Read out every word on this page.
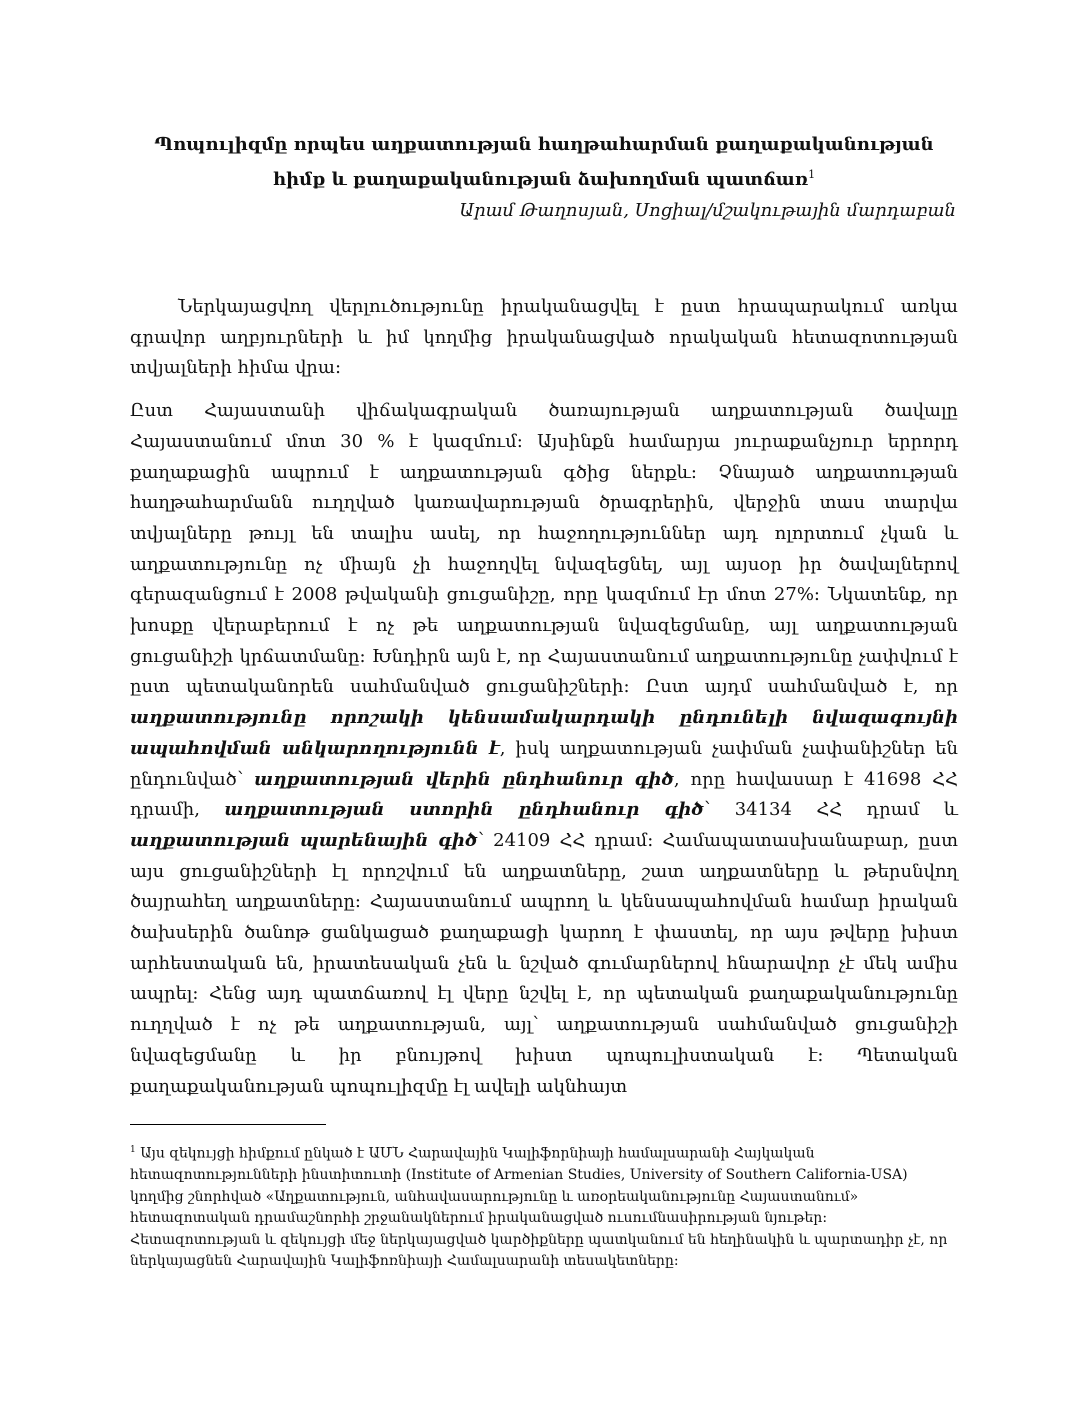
Պոպուլիզմը որպես աղքատության հաղթահարման քաղաքականության հիմք և քաղաքականության ձախողման պատճառ$^1$
Արամ Թաղոսյան, Սոցիալ/մշակութային մարդաբան

Ներկայացվող վերլուծությունը իրականացվել է ըստ հրապարակում առկա գրավոր աղբյուրների և իմ կողմից իրականացված որակական հետազոտության տվյալների հիմա վրա:

Ըստ Հայաստանի վիճակագրական ծառայության աղքատության ծավալը Հայաստանում մոտ 30 % է կազմում: Այսինքն համարյա յուրաքանչյուր երրորդ քաղաքացին ապրում է աղքատության գծից ներքև: Չնայած աղքատության հաղթահարմանն ուղղված կառավարության ծրագրերին, վերջին տաս տարվա տվյալները թույլ են տալիս ասել, որ հաջողություններ այդ ոլորտում չկան և աղքատությունը ոչ միայն չի հաջողվել նվազեցնել, այլ այսօր իր ծավալներով գերազանցում է 2008 թվականի ցուցանիշը, որը կազմում էր մոտ 27%: Նկատենք, որ խոսքը վերաբերում է ոչ թե աղքատության նվազեցմանը, այլ աղքատության ցուցանիշի կրճատմանը: Խնդիրն այն է, որ Հայաստանում աղքատությունը չափվում է ըստ պետականորեն սահմանված ցուցանիշների: Ըստ այդմ սահմանված է, որ աղքատությունը որոշակի կենսամակարդակի ընդունելի նվազագույնի ապահովման անկարողությունն է, իսկ աղքատության չափման չափանիշներ են ընդունված՝ աղքատության վերին ընդհանուր գիծ, որը հավասար է 41698 ՀՀ դրամի, աղքատության ստորին ընդհանուր գիծ՝ 34134 ՀՀ դրամ և աղքատության պարենային գիծ՝ 24109 ՀՀ դրամ: Համապատասխանաբար, ըստ այս ցուցանիշների էլ որոշվում են աղքատները, շատ աղքատները և թերսնվող ծայրահեղ աղքատները: Հայաստանում ապրող և կենսապահովման համար իրական ծախսերին ծանոթ ցանկացած քաղաքացի կարող է փաստել, որ այս թվերը խիստ արհեստական են, իրատեսական չեն և նշված գումարներով հնարավոր չէ մեկ ամիս ապրել: Հենց այդ պատճառով էլ վերը նշվել է, որ պետական քաղաքականությունը ուղղված է ոչ թե աղքատության, այլ՝ աղքատության սահմանված ցուցանիշի նվազեցմանը և իր բնույթով խիստ պոպուլիստական է: Պետական քաղաքականության պոպուլիզմը էլ ավելի ակնհայտ

$^1$ Այս զեկույցի հիմքում ընկած է ԱՄՆ Հարավային Կալիֆորնիայի համալսարանի Հայկական հետազոտությունների ինստիտուտի (Institute of Armenian Studies, University of Southern California-USA) կողմից շնորհված «Աղքատություն, անհավասարությունը և առօրեականությունը Հայաստանում» հետազոտական դրամաշնորհի շրջանակներում իրականացված ուսումնասիրության նյութեր: Հետազոտության և զեկույցի մեջ ներկայացված կարծիքները պատկանում են հեղինակին և պարտադիր չէ, որ ներկայացնեն Հարավային Կալիֆոռնիայի Համալսարանի տեսակետները:
